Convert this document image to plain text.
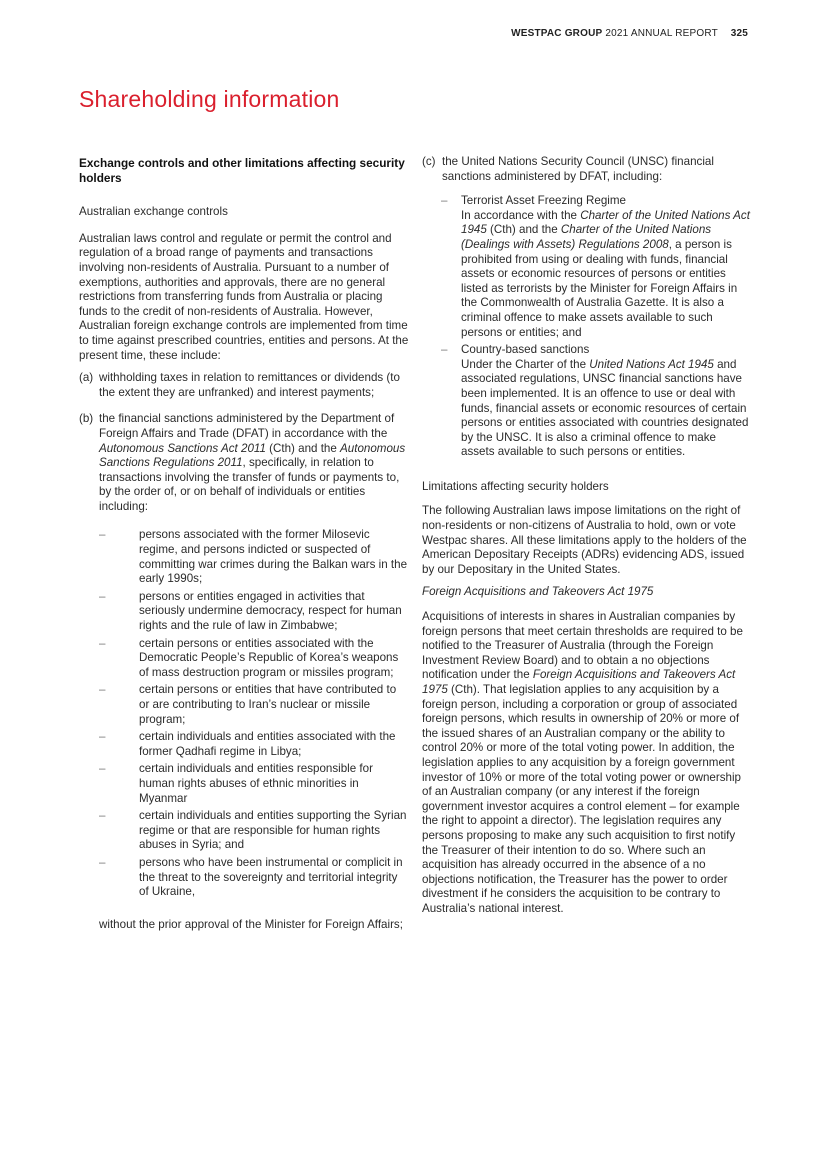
WESTPAC GROUP 2021 ANNUAL REPORT 325
Shareholding information

Exchange controls and other limitations affecting security holders

Australian exchange controls

Australian laws control and regulate or permit the control and regulation of a broad range of payments and transactions involving non-residents of Australia. Pursuant to a number of exemptions, authorities and approvals, there are no general restrictions from transferring funds from Australia or placing funds to the credit of non-residents of Australia. However, Australian foreign exchange controls are implemented from time to time against prescribed countries, entities and persons. At the present time, these include:

(a) withholding taxes in relation to remittances or dividends (to the extent they are unfranked) and interest payments;
(b) the financial sanctions administered by the Department of Foreign Affairs and Trade (DFAT) in accordance with the Autonomous Sanctions Act 2011 (Cth) and the Autonomous Sanctions Regulations 2011, specifically, in relation to transactions involving the transfer of funds or payments to, by the order of, or on behalf of individuals or entities including:
–	persons associated with the former Milosevic regime, and persons indicted or suspected of committing war crimes during the Balkan wars in the early 1990s;
–	persons or entities engaged in activities that seriously undermine democracy, respect for human rights and the rule of law in Zimbabwe;
–	certain persons or entities associated with the Democratic People’s Republic of Korea’s weapons of mass destruction program or missiles program;
–	certain persons or entities that have contributed to or are contributing to Iran’s nuclear or missile program;
–	certain individuals and entities associated with the former Qadhafi regime in Libya;
–	certain individuals and entities responsible for human rights abuses of ethnic minorities in Myanmar
–	certain individuals and entities supporting the Syrian regime or that are responsible for human rights abuses in Syria; and
–	persons who have been instrumental or complicit in the threat to the sovereignty and territorial integrity of Ukraine,

without the prior approval of the Minister for Foreign Affairs;

(c) the United Nations Security Council (UNSC) financial sanctions administered by DFAT, including:
–	Terrorist Asset Freezing Regime
In accordance with the Charter of the United Nations Act 1945 (Cth) and the Charter of the United Nations (Dealings with Assets) Regulations 2008, a person is prohibited from using or dealing with funds, financial assets or economic resources of persons or entities listed as terrorists by the Minister for Foreign Affairs in the Commonwealth of Australia Gazette. It is also a criminal offence to make assets available to such persons or entities; and
–	Country-based sanctions
Under the Charter of the United Nations Act 1945 and associated regulations, UNSC financial sanctions have been implemented. It is an offence to use or deal with funds, financial assets or economic resources of certain persons or entities associated with countries designated by the UNSC. It is also a criminal offence to make assets available to such persons or entities.

Limitations affecting security holders

The following Australian laws impose limitations on the right of non-residents or non-citizens of Australia to hold, own or vote Westpac shares. All these limitations apply to the holders of the American Depositary Receipts (ADRs) evidencing ADS, issued by our Depositary in the United States.

Foreign Acquisitions and Takeovers Act 1975

Acquisitions of interests in shares in Australian companies by foreign persons that meet certain thresholds are required to be notified to the Treasurer of Australia (through the Foreign Investment Review Board) and to obtain a no objections notification under the Foreign Acquisitions and Takeovers Act 1975 (Cth). That legislation applies to any acquisition by a foreign person, including a corporation or group of associated foreign persons, which results in ownership of 20% or more of the issued shares of an Australian company or the ability to control 20% or more of the total voting power. In addition, the legislation applies to any acquisition by a foreign government investor of 10% or more of the total voting power or ownership of an Australian company (or any interest if the foreign government investor acquires a control element – for example the right to appoint a director). The legislation requires any persons proposing to make any such acquisition to first notify the Treasurer of their intention to do so. Where such an acquisition has already occurred in the absence of a no objections notification, the Treasurer has the power to order divestment if he considers the acquisition to be contrary to Australia’s national interest.
